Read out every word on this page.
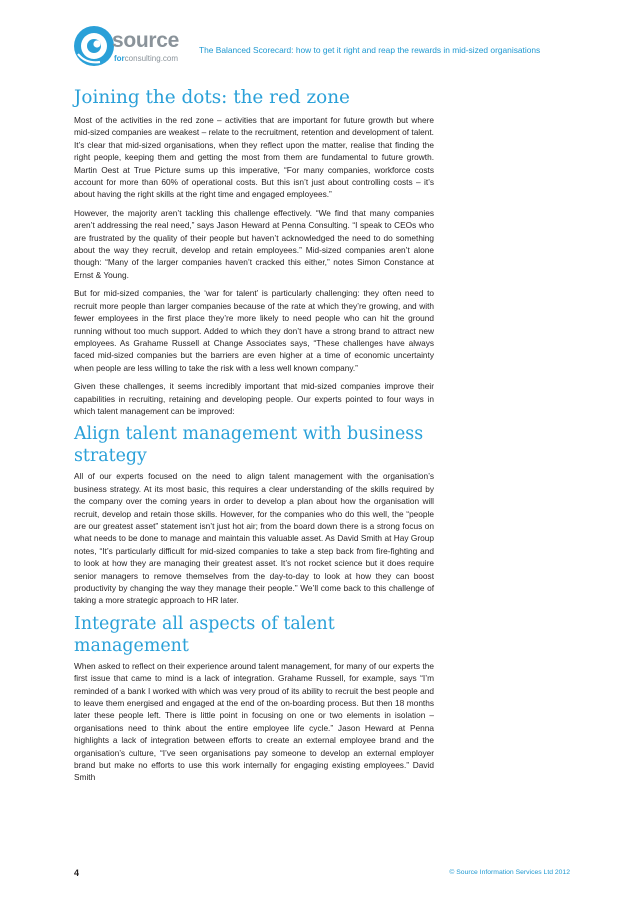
source
forconsulting.com
The Balanced Scorecard: how to get it right and reap the rewards in mid-sized organisations
Joining the dots: the red zone

Most of the activities in the red zone – activities that are important for future growth but where mid-sized companies are weakest – relate to the recruitment, retention and development of talent. It’s clear that mid-sized organisations, when they reflect upon the matter, realise that finding the right people, keeping them and getting the most from them are fundamental to future growth. Martin Oest at True Picture sums up this imperative, “For many companies, workforce costs account for more than 60% of operational costs. But this isn’t just about controlling costs – it’s about having the right skills at the right time and engaged employees.”

However, the majority aren’t tackling this challenge effectively. “We find that many companies aren’t addressing the real need,” says Jason Heward at Penna Consulting. “I speak to CEOs who are frustrated by the quality of their people but haven’t acknowledged the need to do something about the way they recruit, develop and retain employees.” Mid-sized companies aren’t alone though: “Many of the larger companies haven’t cracked this either,” notes Simon Constance at Ernst & Young.

But for mid-sized companies, the ‘war for talent’ is particularly challenging: they often need to recruit more people than larger companies because of the rate at which they’re growing, and with fewer employees in the first place they’re more likely to need people who can hit the ground running without too much support. Added to which they don’t have a strong brand to attract new employees. As Grahame Russell at Change Associates says, “These challenges have always faced mid-sized companies but the barriers are even higher at a time of economic uncertainty when people are less willing to take the risk with a less well known company.”

Given these challenges, it seems incredibly important that mid-sized companies improve their capabilities in recruiting, retaining and developing people. Our experts pointed to four ways in which talent management can be improved:

Align talent management with business strategy

All of our experts focused on the need to align talent management with the organisation’s business strategy. At its most basic, this requires a clear understanding of the skills required by the company over the coming years in order to develop a plan about how the organisation will recruit, develop and retain those skills. However, for the companies who do this well, the “people are our greatest asset” statement isn’t just hot air; from the board down there is a strong focus on what needs to be done to manage and maintain this valuable asset. As David Smith at Hay Group notes, “It’s particularly difficult for mid-sized companies to take a step back from fire-fighting and to look at how they are managing their greatest asset. It’s not rocket science but it does require senior managers to remove themselves from the day-to-day to look at how they can boost productivity by changing the way they manage their people.” We’ll come back to this challenge of taking a more strategic approach to HR later.

Integrate all aspects of talent management

When asked to reflect on their experience around talent management, for many of our experts the first issue that came to mind is a lack of integration. Grahame Russell, for example, says “I’m reminded of a bank I worked with which was very proud of its ability to recruit the best people and to leave them energised and engaged at the end of the on-boarding process. But then 18 months later these people left. There is little point in focusing on one or two elements in isolation – organisations need to think about the entire employee life cycle.” Jason Heward at Penna highlights a lack of integration between efforts to create an external employee brand and the organisation’s culture, “I’ve seen organisations pay someone to develop an external employer brand but make no efforts to use this work internally for engaging existing employees.” David Smith

4	© Source Information Services Ltd 2012
